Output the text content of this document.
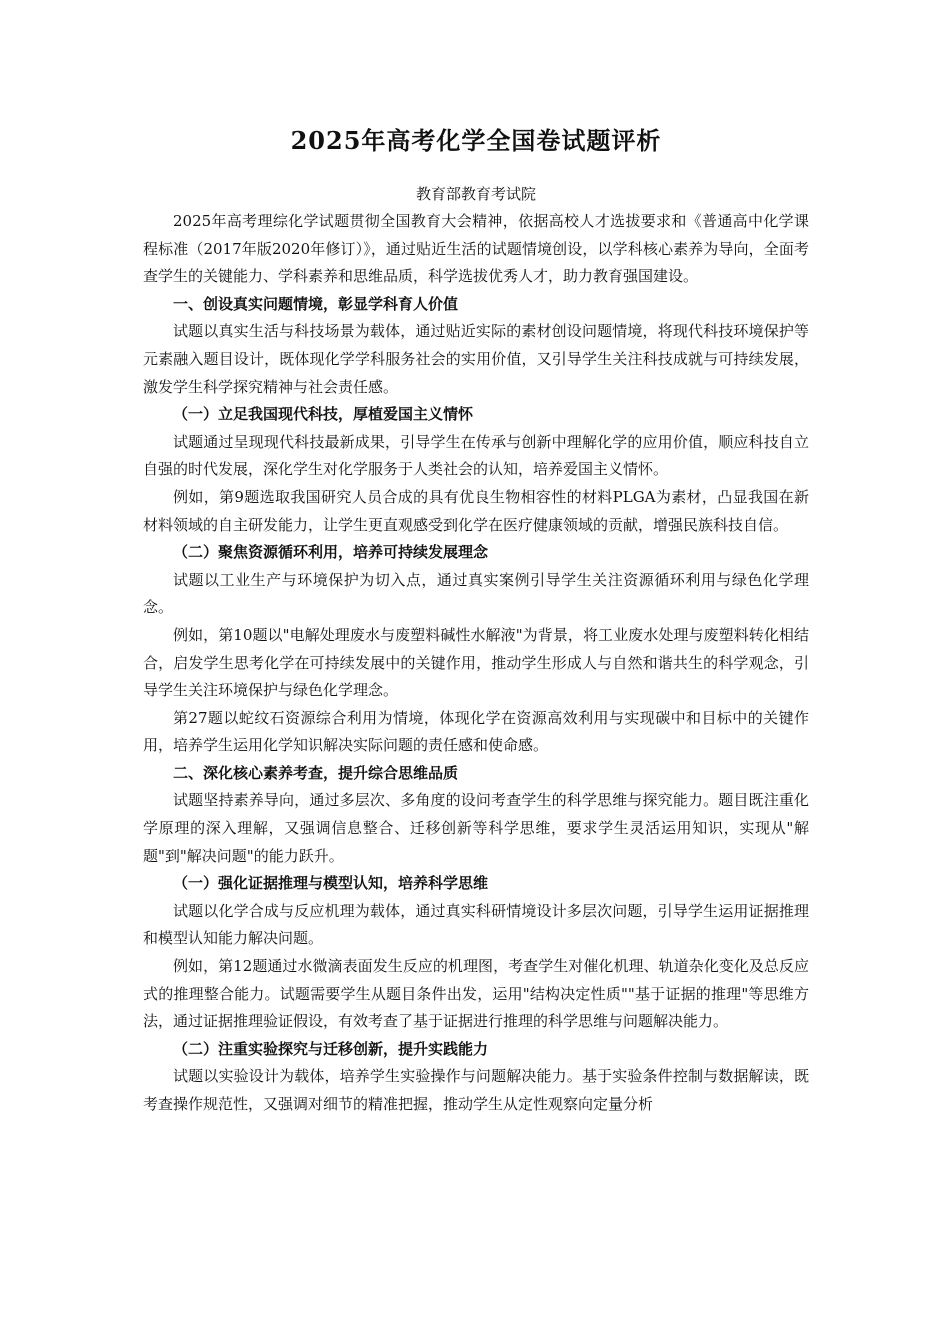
2025年高考化学全国卷试题评析
教育部教育考试院

2025年高考理综化学试题贯彻全国教育大会精神，依据高校人才选拔要求和《普通高中化学课程标准（2017年版2020年修订）》，通过贴近生活的试题情境创设，以学科核心素养为导向，全面考查学生的关键能力、学科素养和思维品质，科学选拔优秀人才，助力教育强国建设。

一、创设真实问题情境，彰显学科育人价值

试题以真实生活与科技场景为载体，通过贴近实际的素材创设问题情境，将现代科技环境保护等元素融入题目设计，既体现化学学科服务社会的实用价值，又引导学生关注科技成就与可持续发展，激发学生科学探究精神与社会责任感。

（一）立足我国现代科技，厚植爱国主义情怀

试题通过呈现现代科技最新成果，引导学生在传承与创新中理解化学的应用价值，顺应科技自立自强的时代发展，深化学生对化学服务于人类社会的认知，培养爱国主义情怀。

例如，第9题选取我国研究人员合成的具有优良生物相容性的材料PLGA为素材，凸显我国在新材料领域的自主研发能力，让学生更直观感受到化学在医疗健康领域的贡献，增强民族科技自信。

（二）聚焦资源循环利用，培养可持续发展理念

试题以工业生产与环境保护为切入点，通过真实案例引导学生关注资源循环利用与绿色化学理念。

例如，第10题以"电解处理废水与废塑料碱性水解液"为背景，将工业废水处理与废塑料转化相结合，启发学生思考化学在可持续发展中的关键作用，推动学生形成人与自然和谐共生的科学观念，引导学生关注环境保护与绿色化学理念。

第27题以蛇纹石资源综合利用为情境，体现化学在资源高效利用与实现碳中和目标中的关键作用，培养学生运用化学知识解决实际问题的责任感和使命感。

二、深化核心素养考查，提升综合思维品质

试题坚持素养导向，通过多层次、多角度的设问考查学生的科学思维与探究能力。题目既注重化学原理的深入理解，又强调信息整合、迁移创新等科学思维，要求学生灵活运用知识，实现从"解题"到"解决问题"的能力跃升。

（一）强化证据推理与模型认知，培养科学思维

试题以化学合成与反应机理为载体，通过真实科研情境设计多层次问题，引导学生运用证据推理和模型认知能力解决问题。

例如，第12题通过水微滴表面发生反应的机理图，考查学生对催化机理、轨道杂化变化及总反应式的推理整合能力。试题需要学生从题目条件出发，运用"结构决定性质""基于证据的推理"等思维方法，通过证据推理验证假设，有效考查了基于证据进行推理的科学思维与问题解决能力。

（二）注重实验探究与迁移创新，提升实践能力

试题以实验设计为载体，培养学生实验操作与问题解决能力。基于实验条件控制与数据解读，既考查操作规范性，又强调对细节的精准把握，推动学生从定性观察向定量分析
